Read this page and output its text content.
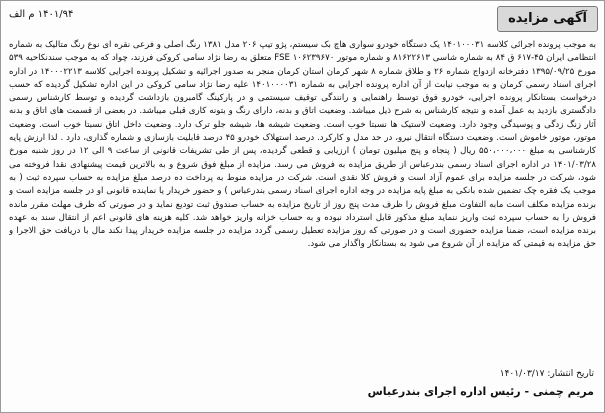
آگهی مزایده
۱۴۰۱/۹۴ م الف

به موجب پرونده اجرائی کلاسه ۱۴۰۱۰۰۰۳۱ یک دستگاه خودرو سواری هاچ بک سیستم، پژو تیپ ۲۰۶ مدل ۱۳۸۱ رنگ اصلی و فرعی نقره ای نوع رنگ متالیک به شماره انتظامی ایران ۴۵-۶۱۷ ق ۸۴ به شماره شاسی ۸۱۶۲۲۶۱۳ و شماره موتور ۱۰۶۲۳۹۶۷۰ FSE متعلق به رضا نژاد سامی کروکی فرزند، چواد که به موجب سندنکاحیه ۵۳۹ مورخ ۱۳۹۵/۰۹/۲۵ دفترخانه ازدواج شماره ۲۶ و طلاق شماره ۸ شهر کرمان استان کرمان منجر به صدور اجرائیه و تشکیل پرونده اجرایی کلاسه ۱۴۰۰۰۲۲۱۳ در اداره اجرای اسناد رسمی کرمان و به موجب نیابت از آن اداره پرونده اجرایی به شماره ۱۴۰۱۰۰۰۰۳۱ علیه رضا نژاد سامی کروکی در این اداره تشکیل گردیده که حسب درخواست بستانکار پرونده اجرایی، خودرو فوق توسط راهنمایی و رانندگی توقیف سیستمی و در پارکینگ گامبرون بازداشت گردیده و توسط کارشناس رسمی دادگستری بازدید به عمل آمده و نتیجه کارشناس به شرح ذیل میباشد. وضعیت اتاق و بدنه، دارای رنگ و بتونه کاری قبلی میباشد. در بعضی از قسمت های اتاق و بدنه آثار زنگ زدگی و پوسیدگی وجود دارد. وضعیت لاستیک ها نسبتا خوب است. وضعیت شیشه ها، شیشه جلو ترک دارد. وضعیت داخل اتاق نسبتا خوب است. وضعیت موتور، موتور خاموش است. وضعیت دستگاه انتقال نیرو، در حد مدل و کارکرد. درصد استهلاک خودرو ۴۵ درصد قابلیت بازسازی و شماره گذاری، دارد . لذا ارزش پایه کارشناسی به مبلغ ۵۵۰،۰۰۰،۰۰۰ ریال ( پنجاه و پنج میلیون تومان ) ارزیابی و قطعی گردیده، پس از طی تشریفات قانونی از ساعت ۹ الی ۱۲ در روز شنبه مورخ ۱۴۰۱/۰۳/۲۸ در اداره اجرای اسناد رسمی بندرعباس از طریق مزایده به فروش می رسد. مزایده از مبلغ فوق شروع و به بالاترین قیمت پیشنهادی نقدا فروخته می شود، شرکت در جلسه مزایده برای عموم آزاد است و فروش کلا نقدی است. شرکت در مزایده منوط به پرداخت ده درصد مبلغ مزایده به حساب سپرده ثبت ( به موجب یک فقره چک تضمین شده بانکی به مبلغ پایه مزایده در وجه اداره اجرای اسناد رسمی بندرعباس ) و حضور خریدار یا نماینده قانونی او در جلسه مزایده است و برنده مزایده مکلف است مابه التفاوت مبلغ فروش را ظرف مدت پنج روز از تاریخ مزایده به حساب صندوق ثبت تودیع نماید و در صورتی که ظرف مهلت مقرر مانده فروش را به حساب سپرده ثبت واریز ننماید مبلغ مذکور قابل استرداد نبوده و به حساب خزانه واریز خواهد شد. کلیه هزینه های قانونی اعم از انتقال سند به عهده برنده مزایده است، ضمنا مزایده حضوری است و در صورتی که روز مزایده تعطیل رسمی گردد مزایده در جلسه مزایده خریدار پیدا نکند مال با دریافت حق الاجرا و حق مزایده به قیمتی که مزایده از آن شروع می شود به بستانکار واگذار می شود.

تاریخ انتشار: ۱۴۰۱/۰۳/۱۷
مریم چمنی - رئیس اداره اجرای بندرعباس
